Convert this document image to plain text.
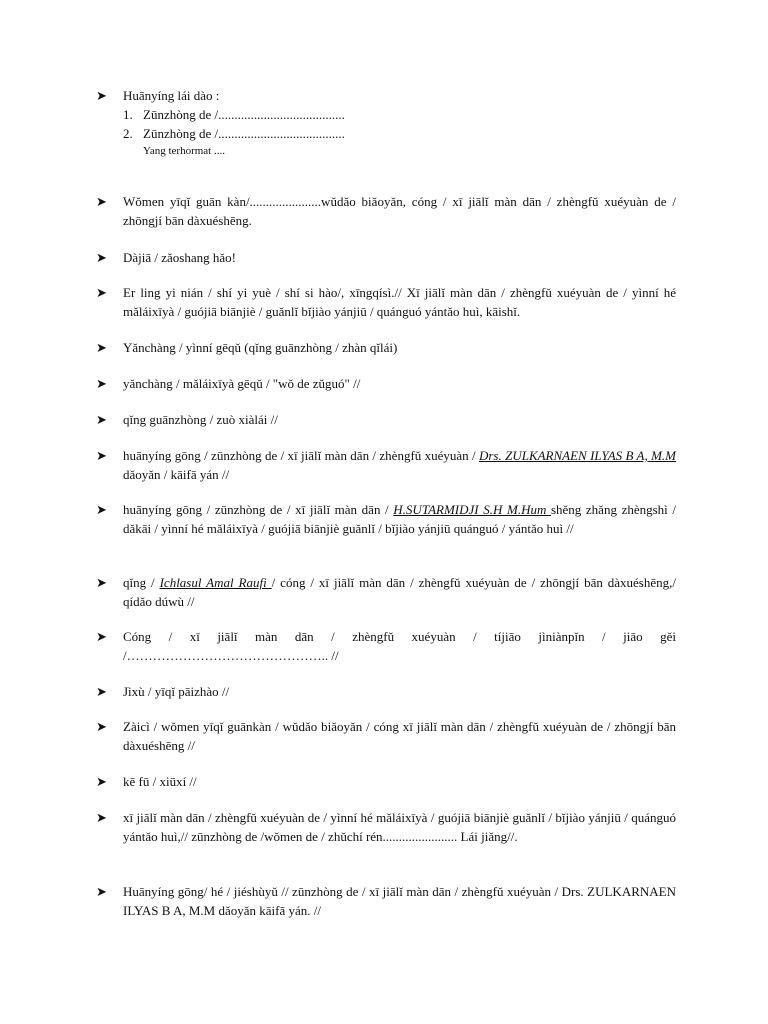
➤	Huānyíng lái dào :
1. Zūnzhòng de /.......................................
2. Zūnzhòng de /.......................................
Yang terhormat ....
➤	Wǒmen yīqǐ guān kàn/......................wǔdǎo biǎoyǎn, cóng / xī jiālǐ màn dān / zhèngfǔ xuéyuàn de / zhōngjí bān dàxuéshēng.
➤	Dàjiā / zǎoshang hǎo!
➤	Er ling yi nián / shí yi yuè / shí si hào/, xīngqísì.// Xī jiālǐ màn dān / zhèngfǔ xuéyuàn de / yìnní hé mǎláixīyà / guójiā biānjiè / guǎnlǐ bǐjiào yánjiū / quánguó yántǎo huì, kāishǐ.
➤	Yǎnchàng / yìnní gēqǔ (qǐng guānzhòng / zhàn qǐlái)
➤	yǎnchàng / mǎláixīyà gēqǔ / "wǒ de zǔguó" //
➤	qǐng guānzhòng / zuò xiàlái //
➤	huānyíng gōng / zūnzhòng de / xī jiālǐ màn dān / zhèngfǔ xuéyuàn / Drs. ZULKARNAEN ILYAS B A, M.M dǎoyǎn / kāifā yán //
➤	huānyíng gōng / zūnzhòng de / xī jiālǐ màn dān / H.SUTARMIDJI S.H M.Hum shěng zhǎng zhèngshì / dǎkāi / yìnní hé mǎláixīyà / guójiā biānjiè guǎnlǐ / bǐjiào yánjiū quánguó / yántǎo huì //
➤	qǐng / Ichlasul Amal Raufi / cóng / xī jiālǐ màn dān / zhèngfǔ xuéyuàn de / zhōngjí bān dàxuéshēng,/ qídǎo dúwù //
➤	Cóng / xī jiālǐ màn dān / zhèngfǔ xuéyuàn / tíjiāo jìniànpǐn / jiāo gěi /……………………………………….. //
➤	Jìxù / yīqǐ pāizhào //
➤	Zàicì / wǒmen yīqǐ guānkàn / wǔdǎo biǎoyǎn / cóng xī jiālǐ màn dān / zhèngfǔ xuéyuàn de / zhōngjí bān dàxuéshēng //
➤	kē fū / xiūxí //
➤	xī jiālǐ màn dān / zhèngfǔ xuéyuàn de / yìnní hé mǎláixīyà / guójiā biānjiè guǎnlǐ / bǐjiào yánjiū / quánguó yántǎo huì,// zūnzhòng de /wǒmen de / zhǔchí rén....................... Lái jiǎng//.
➤	Huānyíng gōng/ hé / jiéshùyǔ // zūnzhòng de / xī jiālǐ màn dān / zhèngfǔ xuéyuàn / Drs. ZULKARNAEN ILYAS B A, M.M dǎoyǎn kāifā yán. //
